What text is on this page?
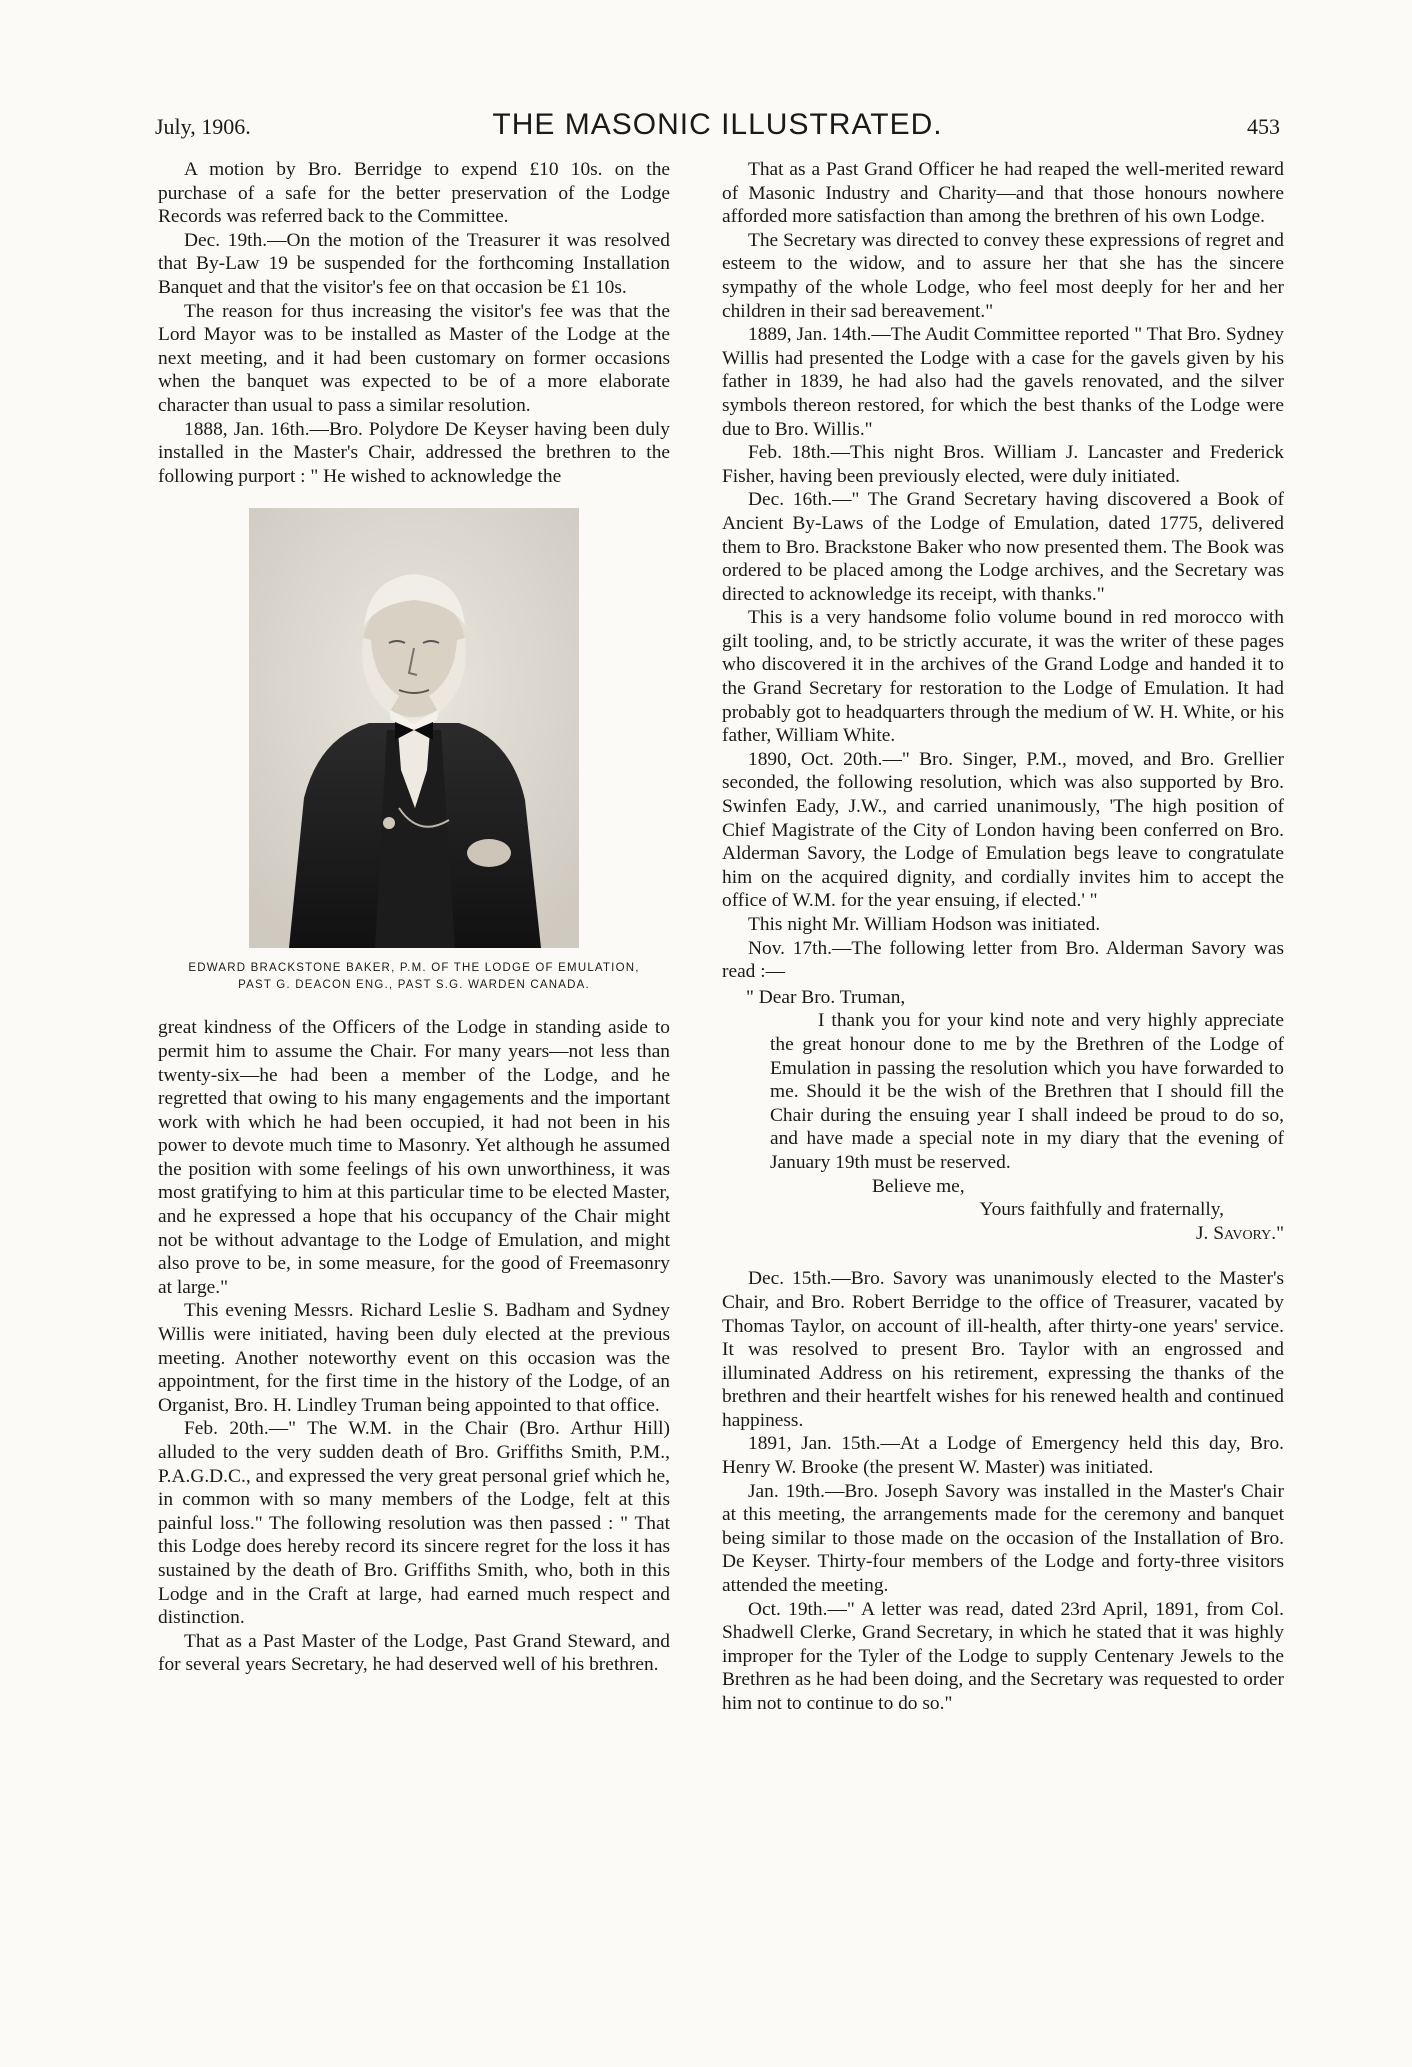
July, 1906.	THE MASONIC ILLUSTRATED.	453

A motion by Bro. Berridge to expend £10 10s. on the purchase of a safe for the better preservation of the Lodge Records was referred back to the Committee.

Dec. 19th.—On the motion of the Treasurer it was resolved that By-Law 19 be suspended for the forthcoming Installation Banquet and that the visitor's fee on that occasion be £1 10s.

The reason for thus increasing the visitor's fee was that the Lord Mayor was to be installed as Master of the Lodge at the next meeting, and it had been customary on former occasions when the banquet was expected to be of a more elaborate character than usual to pass a similar resolution.

1888, Jan. 16th.—Bro. Polydore De Keyser having been duly installed in the Master's Chair, addressed the brethren to the following purport : " He wished to acknowledge the

EDWARD BRACKSTONE BAKER, P.M. OF THE LODGE OF EMULATION,
PAST G. DEACON ENG., PAST S.G. WARDEN CANADA.

great kindness of the Officers of the Lodge in standing aside to permit him to assume the Chair. For many years—not less than twenty-six—he had been a member of the Lodge, and he regretted that owing to his many engagements and the important work with which he had been occupied, it had not been in his power to devote much time to Masonry. Yet although he assumed the position with some feelings of his own unworthiness, it was most gratifying to him at this particular time to be elected Master, and he expressed a hope that his occupancy of the Chair might not be without advantage to the Lodge of Emulation, and might also prove to be, in some measure, for the good of Freemasonry at large."

This evening Messrs. Richard Leslie S. Badham and Sydney Willis were initiated, having been duly elected at the previous meeting. Another noteworthy event on this occasion was the appointment, for the first time in the history of the Lodge, of an Organist, Bro. H. Lindley Truman being appointed to that office.

Feb. 20th.—" The W.M. in the Chair (Bro. Arthur Hill) alluded to the very sudden death of Bro. Griffiths Smith, P.M., P.A.G.D.C., and expressed the very great personal grief which he, in common with so many members of the Lodge, felt at this painful loss." The following resolution was then passed : " That this Lodge does hereby record its sincere regret for the loss it has sustained by the death of Bro. Griffiths Smith, who, both in this Lodge and in the Craft at large, had earned much respect and distinction.

That as a Past Master of the Lodge, Past Grand Steward, and for several years Secretary, he had deserved well of his brethren.

That as a Past Grand Officer he had reaped the well-merited reward of Masonic Industry and Charity—and that those honours nowhere afforded more satisfaction than among the brethren of his own Lodge.

The Secretary was directed to convey these expressions of regret and esteem to the widow, and to assure her that she has the sincere sympathy of the whole Lodge, who feel most deeply for her and her children in their sad bereavement."

1889, Jan. 14th.—The Audit Committee reported " That Bro. Sydney Willis had presented the Lodge with a case for the gavels given by his father in 1839, he had also had the gavels renovated, and the silver symbols thereon restored, for which the best thanks of the Lodge were due to Bro. Willis."

Feb. 18th.—This night Bros. William J. Lancaster and Frederick Fisher, having been previously elected, were duly initiated.

Dec. 16th.—" The Grand Secretary having discovered a Book of Ancient By-Laws of the Lodge of Emulation, dated 1775, delivered them to Bro. Brackstone Baker who now presented them. The Book was ordered to be placed among the Lodge archives, and the Secretary was directed to acknowledge its receipt, with thanks."

This is a very handsome folio volume bound in red morocco with gilt tooling, and, to be strictly accurate, it was the writer of these pages who discovered it in the archives of the Grand Lodge and handed it to the Grand Secretary for restoration to the Lodge of Emulation. It had probably got to headquarters through the medium of W. H. White, or his father, William White.

1890, Oct. 20th.—" Bro. Singer, P.M., moved, and Bro. Grellier seconded, the following resolution, which was also supported by Bro. Swinfen Eady, J.W., and carried unanimously, 'The high position of Chief Magistrate of the City of London having been conferred on Bro. Alderman Savory, the Lodge of Emulation begs leave to congratulate him on the acquired dignity, and cordially invites him to accept the office of W.M. for the year ensuing, if elected.' "

This night Mr. William Hodson was initiated.

Nov. 17th.—The following letter from Bro. Alderman Savory was read :—

" Dear Bro. Truman,

I thank you for your kind note and very highly appreciate the great honour done to me by the Brethren of the Lodge of Emulation in passing the resolution which you have forwarded to me. Should it be the wish of the Brethren that I should fill the Chair during the ensuing year I shall indeed be proud to do so, and have made a special note in my diary that the evening of January 19th must be reserved.

Believe me,

Yours faithfully and fraternally,

J. Savory."

Dec. 15th.—Bro. Savory was unanimously elected to the Master's Chair, and Bro. Robert Berridge to the office of Treasurer, vacated by Thomas Taylor, on account of ill-health, after thirty-one years' service. It was resolved to present Bro. Taylor with an engrossed and illuminated Address on his retirement, expressing the thanks of the brethren and their heartfelt wishes for his renewed health and continued happiness.

1891, Jan. 15th.—At a Lodge of Emergency held this day, Bro. Henry W. Brooke (the present W. Master) was initiated.

Jan. 19th.—Bro. Joseph Savory was installed in the Master's Chair at this meeting, the arrangements made for the ceremony and banquet being similar to those made on the occasion of the Installation of Bro. De Keyser. Thirty-four members of the Lodge and forty-three visitors attended the meeting.

Oct. 19th.—" A letter was read, dated 23rd April, 1891, from Col. Shadwell Clerke, Grand Secretary, in which he stated that it was highly improper for the Tyler of the Lodge to supply Centenary Jewels to the Brethren as he had been doing, and the Secretary was requested to order him not to continue to do so."
